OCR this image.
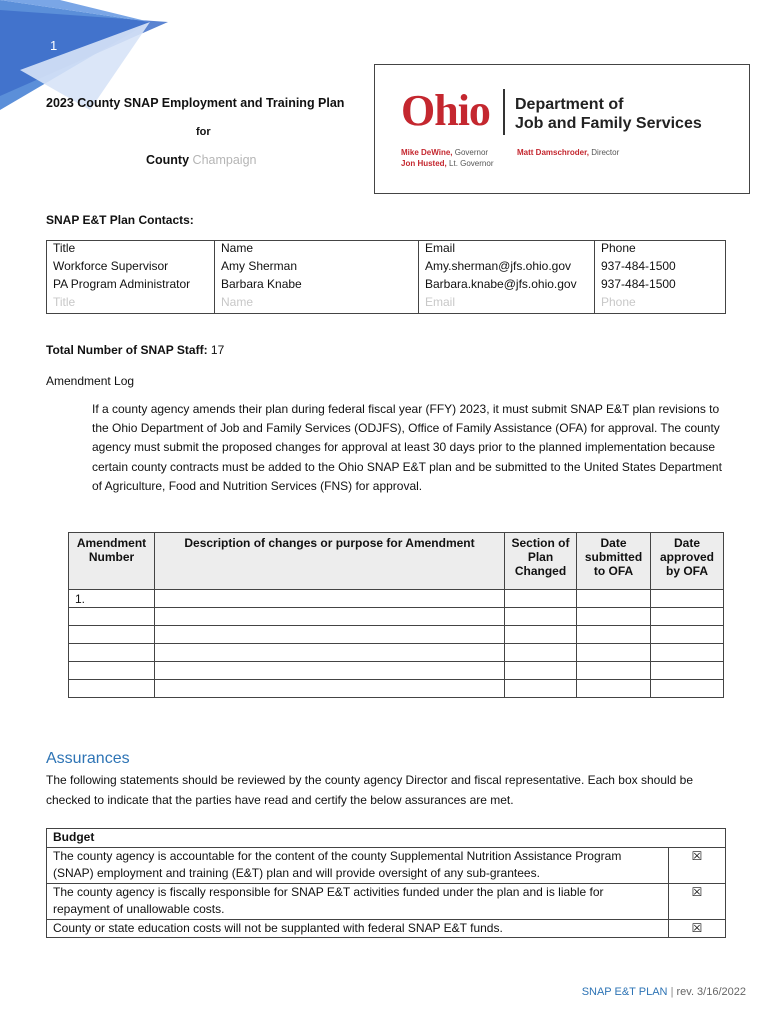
1
2023 County SNAP Employment and Training Plan
for
County Champaign
Ohio Department of
Job and Family Services
Mike DeWine, Governor
Jon Husted, Lt. Governor
Matt Damschroder, Director
SNAP E&T Plan Contacts:
Title	Name	Email	Phone
Workforce Supervisor	Amy Sherman	Amy.sherman@jfs.ohio.gov	937-484-1500
PA Program Administrator	Barbara Knabe	Barbara.knabe@jfs.ohio.gov	937-484-1500
Title	Name	Email	Phone
Total Number of SNAP Staff: 17
Amendment Log
If a county agency amends their plan during federal fiscal year (FFY) 2023, it must submit SNAP E&T plan revisions to the Ohio Department of Job and Family Services (ODJFS), Office of Family Assistance (OFA) for approval. The county agency must submit the proposed changes for approval at least 30 days prior to the planned implementation because certain county contracts must be added to the Ohio SNAP E&T plan and be submitted to the United States Department of Agriculture, Food and Nutrition Services (FNS) for approval.
Amendment Number	Description of changes or purpose for Amendment	Section of Plan Changed	Date submitted to OFA	Date approved by OFA
1.				

Assurances
The following statements should be reviewed by the county agency Director and fiscal representative. Each box should be checked to indicate that the parties have read and certify the below assurances are met.
Budget	
The county agency is accountable for the content of the county Supplemental Nutrition Assistance Program (SNAP) employment and training (E&T) plan and will provide oversight of any sub-grantees.	☒
The county agency is fiscally responsible for SNAP E&T activities funded under the plan and is liable for repayment of unallowable costs.	☒
County or state education costs will not be supplanted with federal SNAP E&T funds.	☒
SNAP E&T PLAN | rev. 3/16/2022
